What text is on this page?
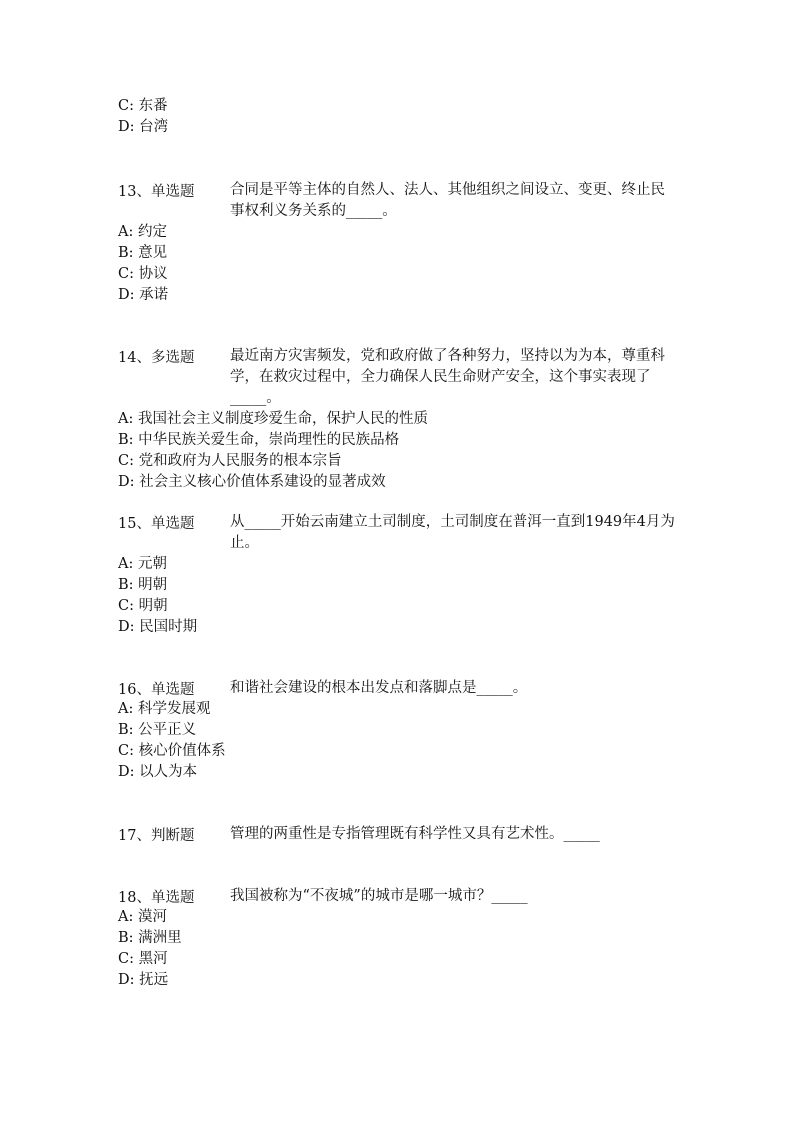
C: 东番
D: 台湾
13、单选题	合同是平等主体的自然人、法人、其他组织之间设立、变更、终止民事权利义务关系的_____。
A: 约定
B: 意见
C: 协议
D: 承诺
14、多选题	最近南方灾害频发，党和政府做了各种努力，坚持以为为本，尊重科学，在救灾过程中，全力确保人民生命财产安全，这个事实表现了_____。
A: 我国社会主义制度珍爱生命，保护人民的性质
B: 中华民族关爱生命，崇尚理性的民族品格
C: 党和政府为人民服务的根本宗旨
D: 社会主义核心价值体系建设的显著成效
15、单选题	从_____开始云南建立土司制度，土司制度在普洱一直到1949年4月为止。
A: 元朝
B: 明朝
C: 明朝
D: 民国时期
16、单选题	和谐社会建设的根本出发点和落脚点是_____。
A: 科学发展观
B: 公平正义
C: 核心价值体系
D: 以人为本
17、判断题	管理的两重性是专指管理既有科学性又具有艺术性。_____
18、单选题	我国被称为“不夜城”的城市是哪一城市？_____
A: 漠河
B: 满洲里
C: 黑河
D: 抚远
